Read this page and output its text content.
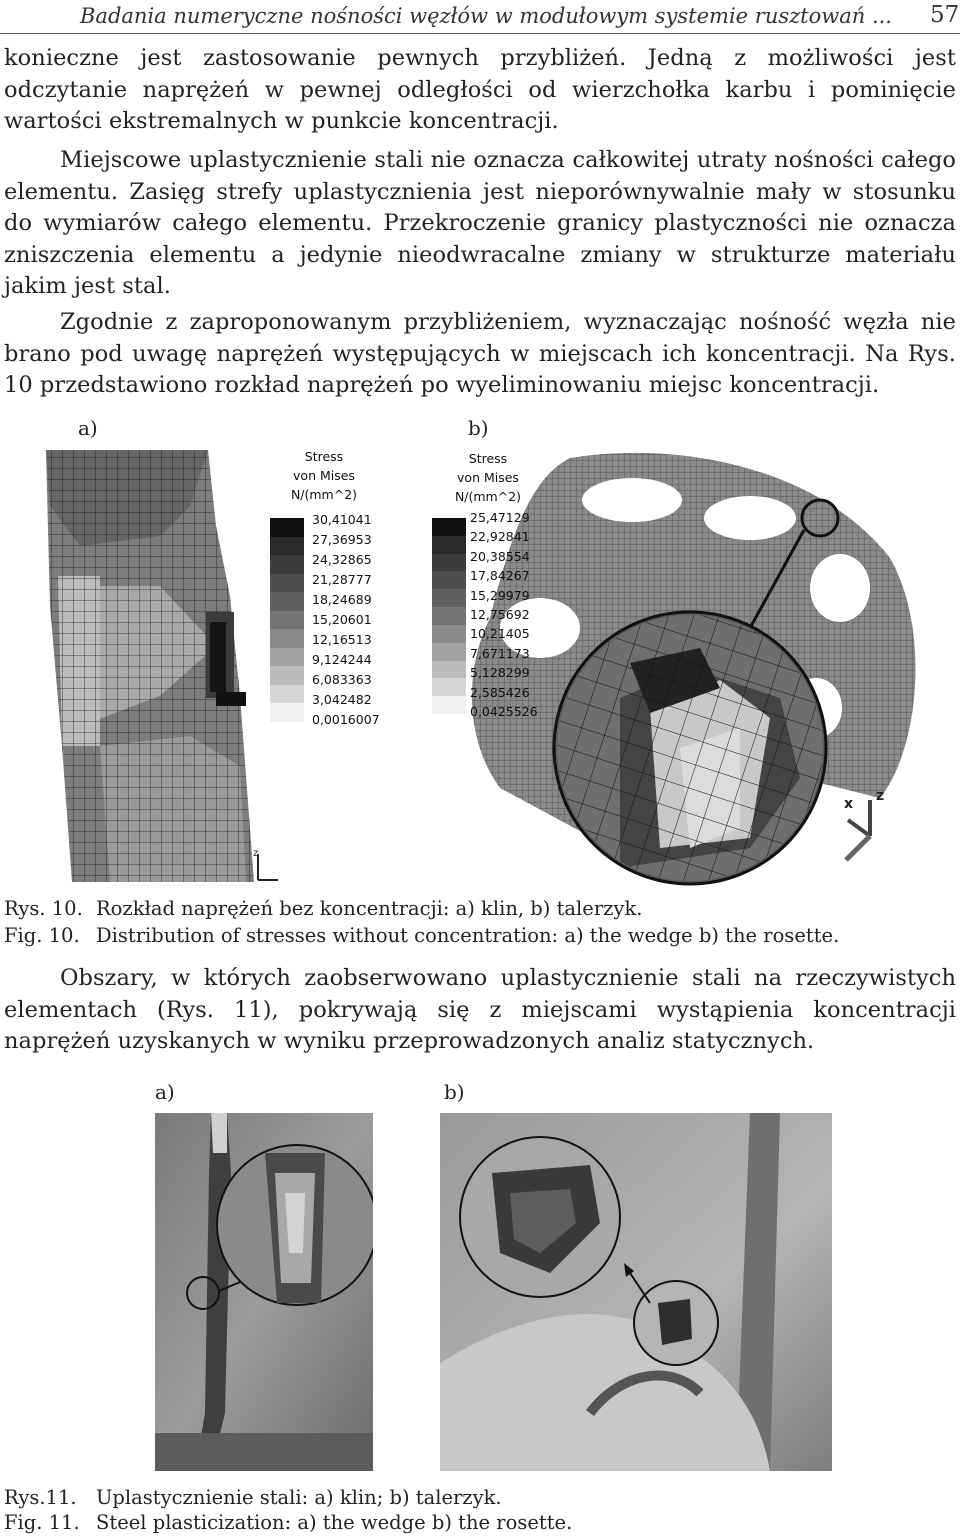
Badania numeryczne nośności węzłów w modułowym systemie rusztowań ... 57
konieczne jest zastosowanie pewnych przybliżeń. Jedną z możliwości jest odczytanie naprężeń w pewnej odległości od wierzchołka karbu i pominięcie wartości ekstremalnych w punkcie koncentracji.
Miejscowe uplastycznienie stali nie oznacza całkowitej utraty nośności całego elementu. Zasięg strefy uplastycznienia jest nieporównywalnie mały w stosunku do wymiarów całego elementu. Przekroczenie granicy plastyczności nie oznacza zniszczenia elementu a jedynie nieodwracalne zmiany w strukturze materiału jakim jest stal.
Zgodnie z zaproponowanym przybliżeniem, wyznaczając nośność węzła nie brano pod uwagę naprężeń występujących w miejscach ich koncentracji. Na Rys. 10 przedstawiono rozkład naprężeń po wyeliminowaniu miejsc koncentracji.
a)	b)
z
Stress
von Mises
N/(mm^2)
30,41041
27,36953
24,32865
21,28777
18,24689
15,20601
12,16513
9,124244
6,083363
3,042482
0,0016007
Stress
von Mises
N/(mm^2)
25,47129
22,92841
20,38554
17,84267
15,29979
12,75692
10,21405
7,671173
5,128299
2,585426
0,0425526
x z
Rys. 10. Rozkład naprężeń bez koncentracji: a) klin, b) talerzyk.
Fig. 10. Distribution of stresses without concentration: a) the wedge b) the rosette.
Obszary, w których zaobserwowano uplastycznienie stali na rzeczywistych elementach (Rys. 11), pokrywają się z miejscami wystąpienia koncentracji naprężeń uzyskanych w wyniku przeprowadzonych analiz statycznych.
a)	b)
Rys.11. Uplastycznienie stali: a) klin; b) talerzyk.
Fig. 11. Steel plasticization: a) the wedge b) the rosette.
